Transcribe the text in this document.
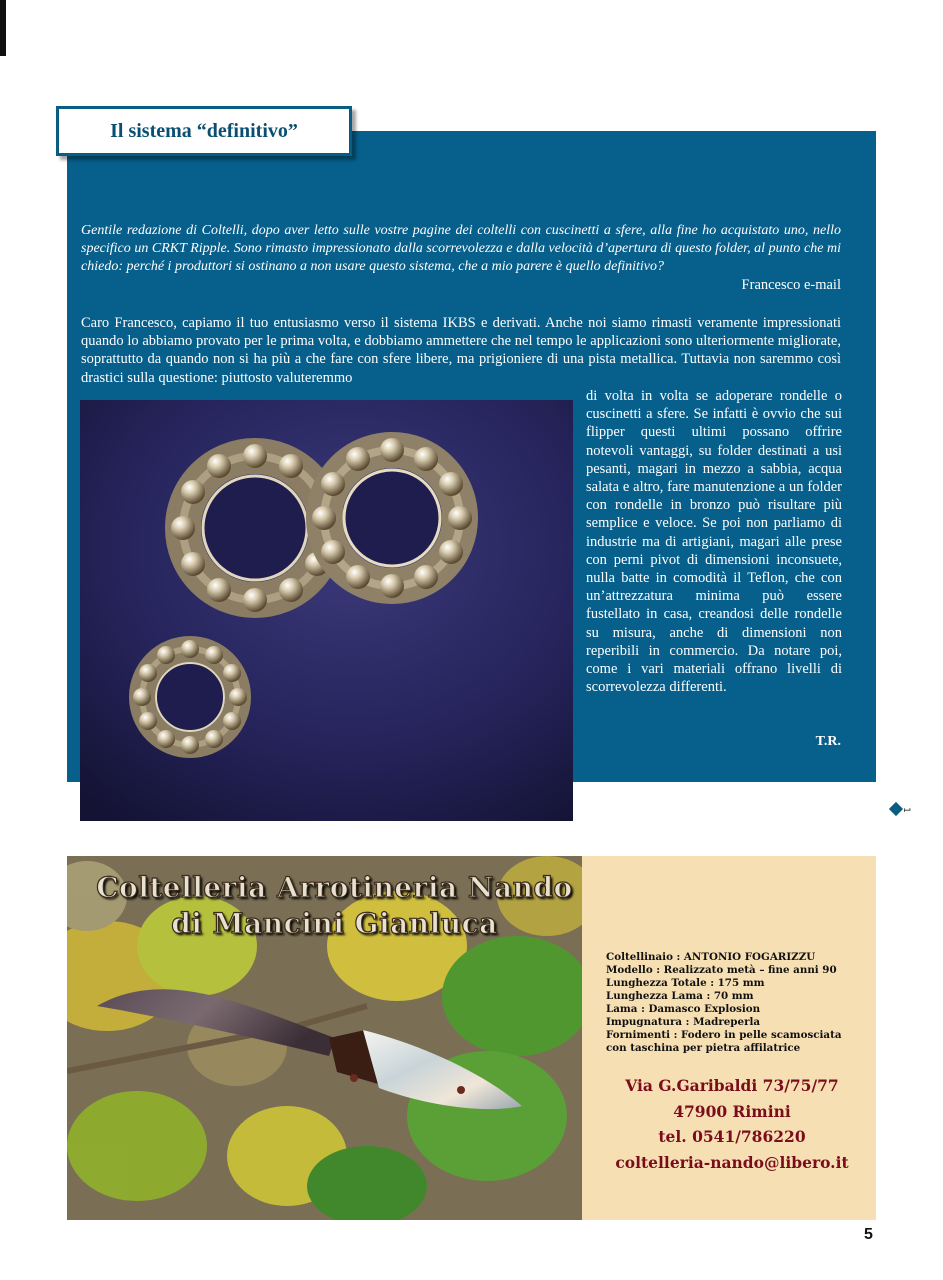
Il sistema “definitivo”

Gentile redazione di Coltelli, dopo aver letto sulle vostre pagine dei coltelli con cuscinetti a sfere, alla fine ho acquistato uno, nello specifico un CRKT Ripple. Sono rimasto impressionato dalla scorrevolezza e dalla velocità d’apertura di questo folder, al punto che mi chiedo: perché i produttori si ostinano a non usare questo sistema, che a mio parere è quello definitivo?

Francesco e-mail

Caro Francesco, capiamo il tuo entusiasmo verso il sistema IKBS e derivati. Anche noi siamo rimasti veramente impressionati quando lo abbiamo provato per le prima volta, e dobbiamo ammettere che nel tempo le applicazioni sono ulteriormente migliorate, soprattutto da quando non si ha più a che fare con sfere libere, ma prigioniere di una pista metallica. Tuttavia non saremmo così drastici sulla questione: piuttosto valuteremmo

di volta in volta se adoperare rondelle o cuscinetti a sfere. Se infatti è ovvio che sui flipper questi ultimi possano offrire notevoli vantaggi, su folder destinati a usi pesanti, magari in mezzo a sabbia, acqua salata e altro, fare manutenzione a un folder con rondelle in bronzo può risultare più semplice e veloce. Se poi non parliamo di industrie ma di artigiani, magari alle prese con perni pivot di dimensioni inconsuete, nulla batte in comodità il Teflon, che con un’attrezzatura minima può essere fustellato in casa, creandosi delle rondelle su misura, anche di dimensioni non reperibili in commercio. Da notare poi, come i vari materiali offrano livelli di scorrevolezza differenti.

T.R.

1

Coltelleria Arrotineria Nando
di Mancini Gianluca

Coltellinaio : ANTONIO FOGARIZZU
Modello : Realizzato metà – fine anni 90
Lunghezza Totale : 175 mm
Lunghezza Lama : 70 mm
Lama : Damasco Explosion
Impugnatura : Madreperla
Fornimenti : Fodero in pelle scamosciata
con taschina per pietra affilatrice
Via G.Garibaldi 73/75/77
47900 Rimini
tel. 0541/786220
coltelleria-nando@libero.it
5
